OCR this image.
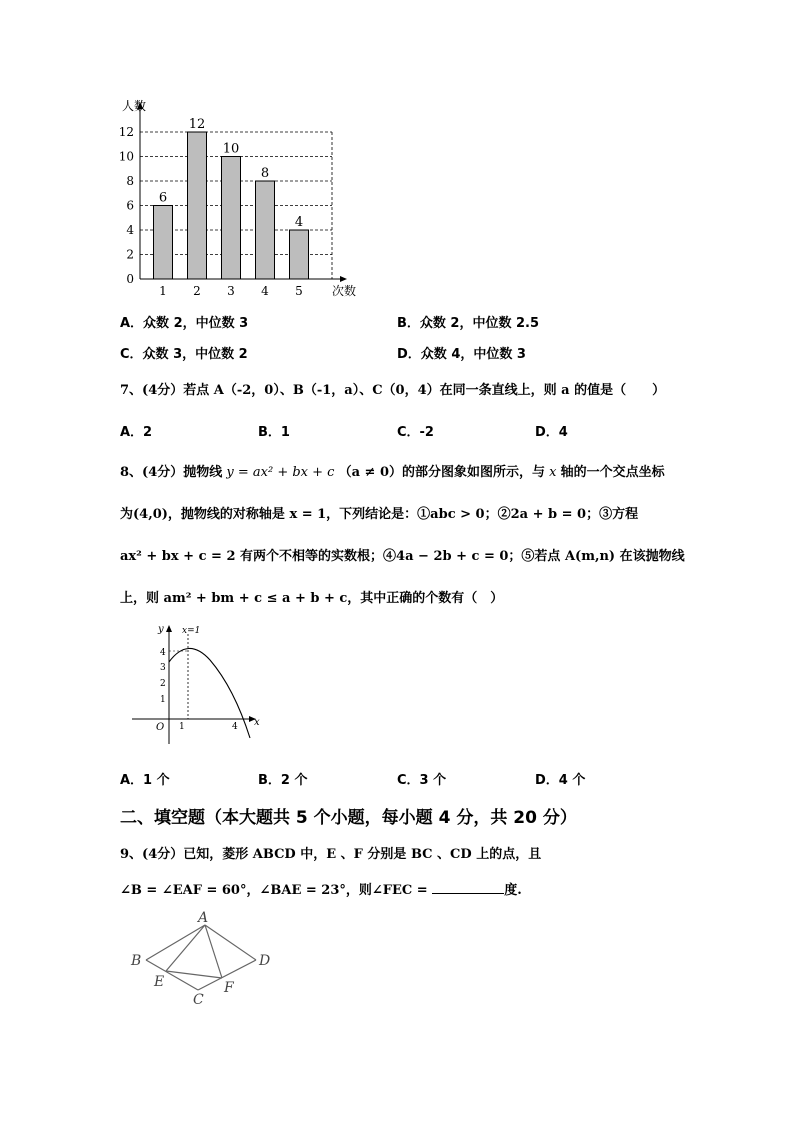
6
12
10
8
4
0
2
4
6
8
10
12
1 2 3 4 5
人数
次数
A．众数 2，中位数 3	B．众数 2，中位数 2.5
C．众数 3，中位数 2	D．众数 4，中位数 3
7、(4分）若点 A（-2，0）、B（-1，a）、C（0，4）在同一条直线上，则 a 的值是（　　）
A．2	B．1	C．-2	D．4
8、(4分）抛物线 y = ax² + bx + c （a ≠ 0）的部分图象如图所示，与 x 轴的一个交点坐标
为(4,0)，抛物线的对称轴是 x = 1，下列结论是：①abc > 0；②2a + b = 0；③方程
ax² + bx + c = 2 有两个不相等的实数根；④4a − 2b + c = 0；⑤若点 A(m,n) 在该抛物线
上，则 am² + bm + c ≤ a + b + c，其中正确的个数有（　）
y
x
x=1
O
1
2
3
4
1	4
A．1 个	B．2 个	C．3 个	D．4 个
二、填空题（本大题共 5 个小题，每小题 4 分，共 20 分）
9、(4分）已知，菱形 ABCD 中，E 、F 分别是 BC 、CD 上的点，且
∠B = ∠EAF = 60°，∠BAE = 23°，则∠FEC =	度.
A
B
C
D
E	F
